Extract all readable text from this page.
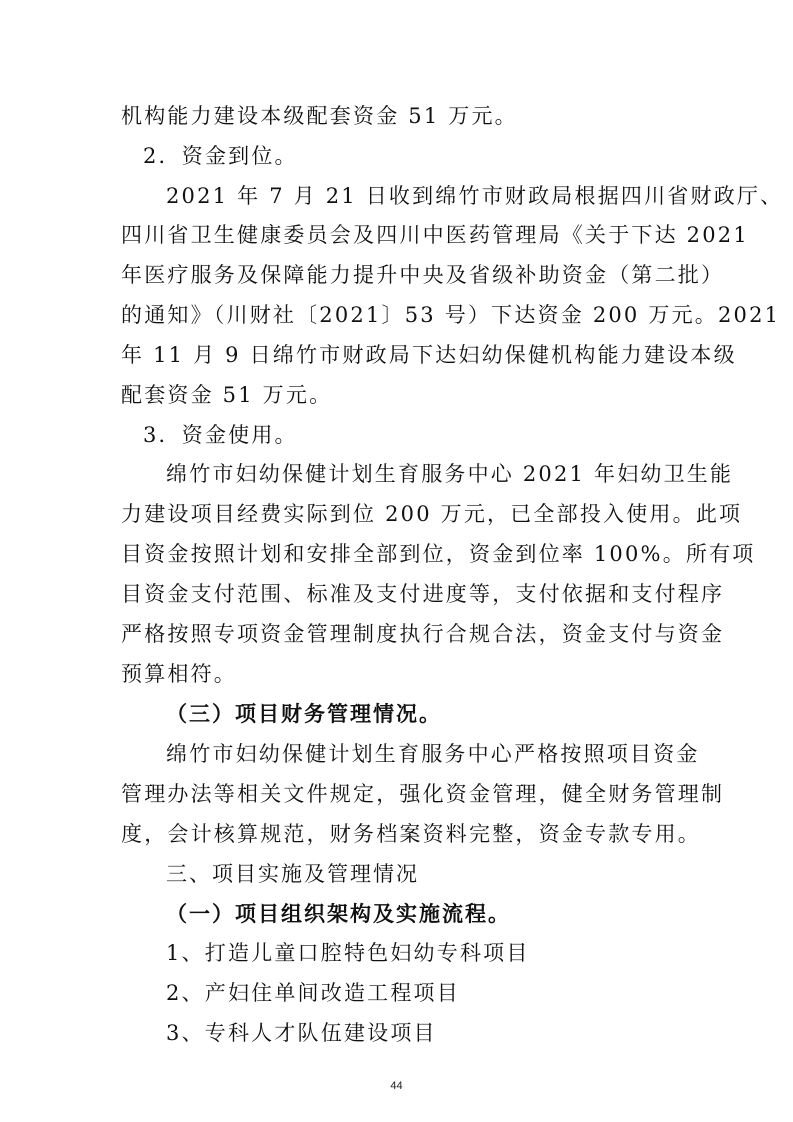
机构能力建设本级配套资金 51 万元。
2．资金到位。
2021 年 7 月 21 日收到绵竹市财政局根据四川省财政厅、
四川省卫生健康委员会及四川中医药管理局《关于下达 2021
年医疗服务及保障能力提升中央及省级补助资金（第二批）
的通知》（川财社〔2021〕53 号）下达资金 200 万元。2021
年 11 月 9 日绵竹市财政局下达妇幼保健机构能力建设本级
配套资金 51 万元。
3．资金使用。
绵竹市妇幼保健计划生育服务中心 2021 年妇幼卫生能
力建设项目经费实际到位 200 万元，已全部投入使用。此项
目资金按照计划和安排全部到位，资金到位率 100%。所有项
目资金支付范围、标准及支付进度等，支付依据和支付程序
严格按照专项资金管理制度执行合规合法，资金支付与资金
预算相符。
（三）项目财务管理情况。
绵竹市妇幼保健计划生育服务中心严格按照项目资金
管理办法等相关文件规定，强化资金管理，健全财务管理制
度，会计核算规范，财务档案资料完整，资金专款专用。
三、项目实施及管理情况
（一）项目组织架构及实施流程。
1、打造儿童口腔特色妇幼专科项目
2、产妇住单间改造工程项目
3、专科人才队伍建设项目
44
